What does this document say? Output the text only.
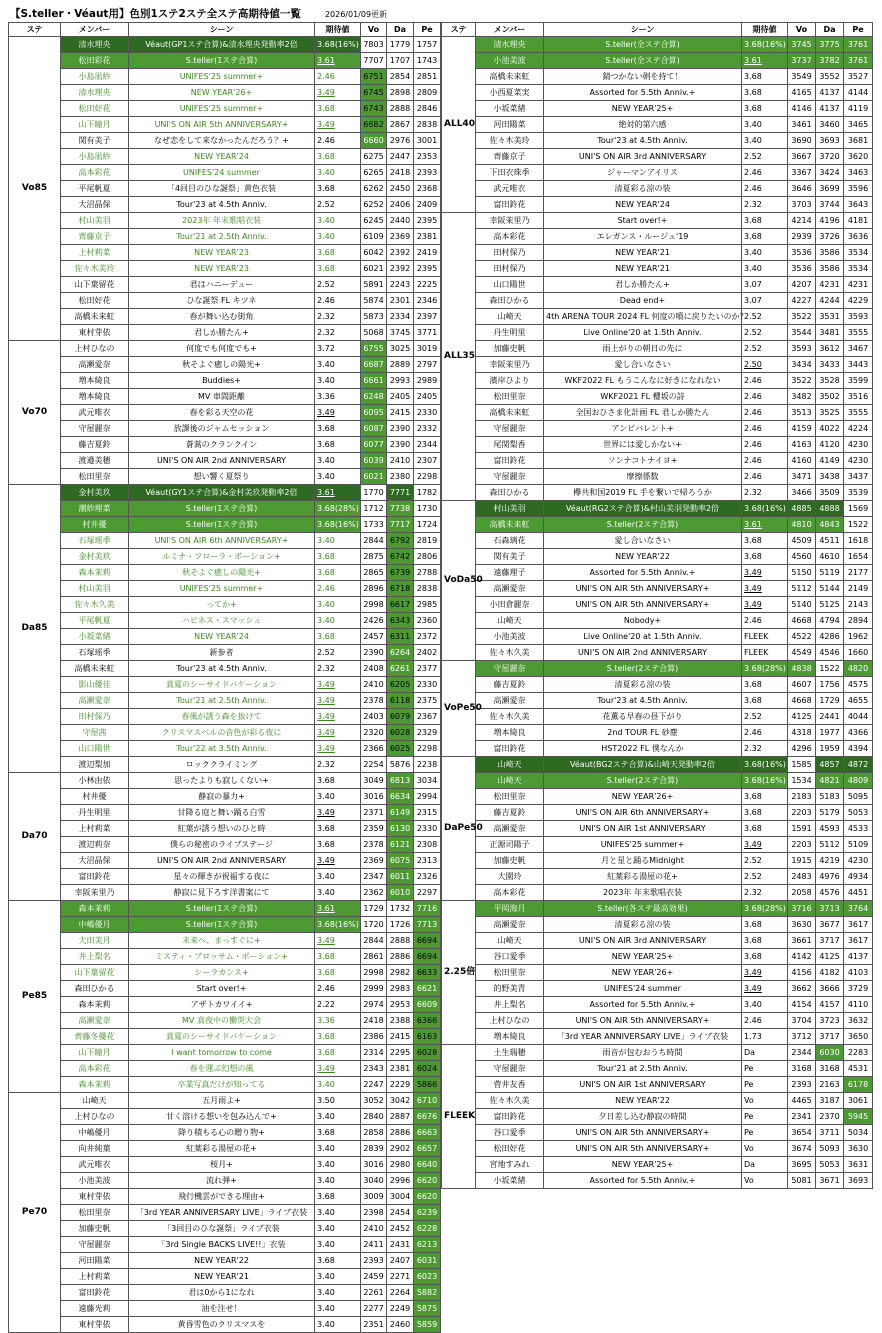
【S.teller・Véaut用】色別1ステ2ステ全ステ高期待値一覧	2026/01/09更新
ステ	メンバー	シーン	期待値	Vo	Da	Pe
Vo85	清水理央	Véaut(GP1ステ合算)&清水理央発動率2倍	3.68(16%)	7803	1779	1757
	松田彩花	S.teller(1ステ合算)	3.61	7707	1707	1743
	小島凪紗	UNIFES'25 summer+	2.46	6751	2854	2851
	清水理央	NEW YEAR'26+	3.49	6745	2898	2809
	松田好花	UNIFES'25 summer+	3.68	6743	2888	2846
	山下瞳月	UNI'S ON AIR 5th ANNIVERSARY+	3.49	6682	2867	2838
	関有美子	なぜ恋をして来なかったんだろう？+	2.46	6660	2976	3001
	小島凪紗	NEW YEAR'24	3.68	6275	2447	2353
	高本彩花	UNIFES'24 summer	3.40	6265	2418	2393
	平尾帆夏	「4回目のひな誕祭」黄色衣装	3.68	6262	2450	2368
	大沼晶保	Tour'23 at 4.5th Anniv.	2.52	6252	2406	2409
	村山美羽	2023年 年末歌唱衣装	3.40	6245	2440	2395
	齊藤京子	Tour'21 at 2.5th Anniv.	3.40	6109	2369	2381
	上村莉菜	NEW YEAR'23	3.68	6042	2392	2419
	佐々木美玲	NEW YEAR'23	3.68	6021	2392	2395
	山下葉留花	君はハニーデュー	2.52	5891	2243	2225
	松田好花	ひな誕祭 FL キツネ	2.46	5874	2301	2346
	高橋未来虹	春が舞い込む街角	2.32	5873	2334	2397
	東村芽依	君しか勝たん+	2.32	5068	3745	3771
Vo70	上村ひなの	何度でも何度でも+	3.72	6755	3025	3019
	高瀬愛奈	秋そよぐ癒しの陽光+	3.40	6687	2889	2797
	増本綺良	Buddies+	3.40	6661	2993	2989
	増本綺良	MV 車間距離	3.36	6248	2405	2405
	武元唯衣	春を彩る天空の花	3.49	6095	2415	2330
	守屋麗奈	放課後のジャムセッション	3.68	6087	2390	2332
	藤吉夏鈴	蒼蒿のクランクイン	3.68	6077	2390	2344
	渡邉美穂	UNI'S ON AIR 2nd ANNIVERSARY	3.40	6039	2410	2307
	松田里奈	想い響く夏祭り	3.40	6021	2380	2298
Da85	金村美玖	Véaut(GY1ステ合算)&金村美玖発動率2倍	3.61	1770	7771	1782
	潮紗理菜	S.teller(1ステ合算)	3.68(28%)	1712	7738	1730
	村井優	S.teller(1ステ合算)	3.68(16%)	1733	7717	1724
	石塚瑶季	UNI'S ON AIR 6th ANNIVERSARY+	3.40	2844	6792	2819
	金村美玖	ルミナ・フローラ・ポーション+	3.68	2875	6742	2806
	森本茉莉	秋そよぐ癒しの陽光+	3.68	2865	6739	2788
	村山美羽	UNIFES'25 summer+	2.46	2896	6718	2838
	佐々木久美	ってか+	3.40	2998	6617	2985
	平尾帆夏	ハピネス・スマッシュ	3.40	2426	6343	2360
	小坂菜緒	NEW YEAR'24	3.68	2457	6311	2372
	石塚瑶季	新参者	2.52	2390	6264	2402
	高橋未来虹	Tour'23 at 4.5th Anniv.	2.32	2408	6261	2377
	影山優佳	真夏のシーサイドバケーション	3.49	2410	6205	2330
	高瀬愛奈	Tour'21 at 2.5th Anniv.	3.49	2378	6118	2375
	田村保乃	春風が誘う森を抜けて	3.49	2403	6079	2367
	守屋茜	クリスマスベルの音色が彩る夜に	3.49	2320	6028	2329
	山口陽世	Tour'22 at 3.5th Anniv.	3.49	2366	6025	2298
	渡辺梨加	ロッククライミング	2.32	2254	5876	2238
Da70	小林由依	思ったよりも寂しくない+	3.68	3049	6813	3034
	村井優	静寂の暴力+	3.40	3016	6634	2994
	丹生明里	甘降る庭と舞い踊る白雪	3.49	2371	6149	2315
	上村莉菜	紅葉が誘う想いのひと時	3.68	2359	6130	2330
	渡辺莉奈	僕らの秘密のライブステージ	3.68	2378	6121	2308
	大沼晶保	UNI'S ON AIR 2nd ANNIVERSARY	3.49	2369	6075	2313
	富田鈴花	星々の輝きが祝福する夜に	3.40	2347	6011	2326
	幸阪茉里乃	静寂に見下ろす洋書案にて	3.40	2362	6010	2297
Pe85	森本茉莉	S.teller(1ステ合算)	3.61	1729	1732	7716
	中嶋優月	S.teller(1ステ合算)	3.68(16%)	1720	1726	7713
	大田美月	未来へ、まっすぐに+	3.49	2844	2888	6694
	井上梨名	ミスティ・ブロッサム・ポーション+	3.68	2861	2886	6694
	山下葉留花	シーラカンス+	3.68	2998	2982	6633
	森田ひかる	Start over!+	2.46	2999	2983	6621
	森本茉莉	アザトカワイイ+	2.22	2974	2953	6609
	高瀬愛奈	MV 真夜中の慟哭大会	3.36	2418	2388	6366
	齊藤冬優花	真夏のシーサイドバケーション	3.68	2386	2415	6163
	山下瞳月	I want tomorrow to come	3.68	2314	2295	6028
	高本彩花	春を運ぶ幻想の風	3.49	2343	2381	6024
	森本茉莉	卒業写真だけが知ってる	3.40	2247	2229	5866
Pe70	山崎天	五月雨よ+	3.50	3052	3042	6710
	上村ひなの	甘く溶ける想いを包み込んで+	3.40	2840	2887	6676
	中嶋優月	降り積もる心の贈り物+	3.68	2858	2886	6663
	向井純葉	紅葉彩る湯屋の花+	3.40	2839	2902	6657
	武元唯衣	桜月+	3.40	3016	2980	6640
	小池美波	流れ弾+	3.40	3040	2996	6620
	東村芽依	飛行機雲ができる理由+	3.68	3009	3004	6620
	松田里奈	「3rd YEAR ANNIVERSARY LIVE」ライブ衣装	3.40	2398	2454	6239
	加藤史帆	「3回目のひな誕祭」ライブ衣装	3.40	2410	2452	6228
	守屋麗奈	「3rd Single BACKS LIVE!!」衣装	3.40	2411	2431	6213
	河田陽菜	NEW YEAR'22	3.68	2393	2407	6031
	上村莉菜	NEW YEAR'21	3.40	2459	2271	6023
	富田鈴花	君は0から1になれ	3.40	2261	2264	5882
	遠藤光莉	油を注せ！	3.40	2277	2249	5875
	東村芽依	黄昏雪色のクリスマスを	3.40	2351	2460	5859
ステ	メンバー	シーン	期待値	Vo	Da	Pe
ALL40	清水理央	S.teller(全ステ合算)	3.68(16%)	3745	3775	3761
	小池美波	S.teller(全ステ合算)	3.61	3737	3782	3761
	高橋未来虹	錆つかない剣を持て！	3.68	3549	3552	3527
	小西夏菜実	Assorted for 5.5th Anniv.+	3.68	4165	4137	4144
	小坂菜緒	NEW YEAR'25+	3.68	4146	4137	4119
	河田陽菜	絶対的第六感	3.40	3461	3460	3465
	佐々木美玲	Tour'23 at 4.5th Anniv.	3.40	3690	3693	3681
	齊藤京子	UNI'S ON AIR 3rd ANNIVERSARY	2.52	3667	3720	3620
	下田衣珠季	ジャーマンアイリス	2.46	3367	3424	3463
	武元唯衣	清夏彩る涼の装	2.46	3646	3699	3596
	富田鈴花	NEW YEAR'24	2.32	3703	3744	3643
ALL35	幸阪茉里乃	Start over!+	3.68	4214	4196	4181
	高本彩花	エレガンス・ルージュ'19	3.68	2939	3726	3636
	田村保乃	NEW YEAR'21	3.40	3536	3586	3534
	田村保乃	NEW YEAR'21	3.40	3536	3586	3534
	山口陽世	君しか勝たん+	3.07	4207	4231	4231
	森田ひかる	Dead end+	3.07	4227	4244	4229
	山崎天	4th ARENA TOUR 2024 FL 何度の噴に戻りたいのか？	2.52	3522	3531	3593
	丹生明里	Live Online'20 at 1.5th Anniv.	2.52	3544	3481	3555
	加藤史帆	雨上がりの朝日の先に	2.52	3593	3612	3467
	幸阪茉里乃	愛し合いなさい	2.50	3434	3433	3443
	濱岸ひより	WKF2022 FL もうこんなに好きになれない	2.46	3522	3528	3599
	松田里奈	WKF2021 FL 櫻坂の詩	2.46	3482	3502	3516
	高橋未来虹	全国おひさま化計画 FL 君しか勝たん	2.46	3513	3525	3555
	守屋麗奈	アンビバレント+	2.46	4159	4022	4224
	尾関梨香	世界には愛しかない+	2.46	4163	4120	4230
	富田鈴花	ソンナコトナイヨ+	2.46	4160	4149	4230
	守屋麗奈	摩擦係数	2.46	3471	3438	3437
	森田ひかる	欅共和国2019 FL 手を繋いで帰ろうか	2.32	3466	3509	3539
VoDa50	村山美羽	Véaut(RG2ステ合算)&村山美羽発動率2倍	3.68(16%)	4885	4888	1569
	高橋未来虹	S.teller(2ステ合算)	3.61	4810	4843	1522
	石森璃花	愛し合いなさい	3.68	4509	4511	1618
	関有美子	NEW YEAR'22	3.68	4560	4610	1654
	遠藤理子	Assorted for 5.5th Anniv.+	3.49	5150	5119	2177
	高瀬愛奈	UNI'S ON AIR 5th ANNIVERSARY+	3.49	5112	5144	2149
	小田倉麗奈	UNI'S ON AIR 5th ANNIVERSARY+	3.49	5140	5125	2143
	山崎天	Nobody+	2.46	4668	4794	2894
	小池美波	Live Online'20 at 1.5th Anniv.	FLEEK	4522	4286	1962
	佐々木久美	UNI'S ON AIR 2nd ANNIVERSARY	FLEEK	4549	4546	1660
VoPe50	守屋麗奈	S.teller(2ステ合算)	3.68(28%)	4838	1522	4820
	藤吉夏鈴	清夏彩る涼の装	3.68	4607	1756	4575
	高瀬愛奈	Tour'23 at 4.5th Anniv.	3.68	4668	1729	4655
	佐々木久美	花薫る早春の昼下がり	2.52	4125	2441	4044
	増本綺良	2nd TOUR FL 砂塵	2.46	4318	1977	4366
	富田鈴花	HST2022 FL 僕なんか	2.32	4296	1959	4394
DaPe50	山崎天	Véaut(BG2ステ合算)&山崎天発動率2倍	3.68(16%)	1585	4857	4872
	山崎天	S.teller(2ステ合算)	3.68(16%)	1534	4821	4809
	松田里奈	NEW YEAR'26+	3.68	2183	5183	5095
	藤吉夏鈴	UNI'S ON AIR 6th ANNIVERSARY+	3.68	2203	5179	5053
	高瀬愛奈	UNI'S ON AIR 1st ANNIVERSARY	3.68	1591	4593	4533
	正源司陽子	UNIFES'25 summer+	3.49	2203	5112	5109
	加藤史帆	月と星と踊るMidnight	2.52	1915	4219	4230
	大園玲	紅葉彩る湯屋の花+	2.52	2483	4976	4934
	高本彩花	2023年 年末歌唱衣装	2.32	2058	4576	4451
2.25倍	平岡海月	S.teller(各ステ最高効果)	3.68(28%)	3716	3713	3764
	高瀬愛奈	清夏彩る涼の装	3.68	3630	3677	3617
	山崎天	UNI'S ON AIR 3rd ANNIVERSARY	3.68	3661	3717	3617
	谷口愛季	NEW YEAR'25+	3.68	4142	4125	4137
	松田里奈	NEW YEAR'26+	3.49	4156	4182	4103
	的野美青	UNIFES'24 summer	3.49	3662	3666	3729
	井上梨名	Assorted for 5.5th Anniv.+	3.40	4154	4157	4110
	上村ひなの	UNI'S ON AIR 5th ANNIVERSARY+	2.46	3704	3723	3632
	増本綺良	「3rd YEAR ANNIVERSARY LIVE」ライブ衣装	1.73	3712	3717	3650
FLEEK	土生瑞穂	雨音が包むおうち時間	Da	2344	6030	2283
	守屋麗奈	Tour'21 at 2.5th Anniv.	Pe	3168	3168	4531
	菅井友香	UNI'S ON AIR 1st ANNIVERSARY	Pe	2393	2163	6178
	佐々木久美	NEW YEAR'22	Vo	4465	3187	3061
	富田鈴花	夕日差し込む静寂の時間	Pe	2341	2370	5945
	谷口愛季	UNI'S ON AIR 5th ANNIVERSARY+	Pe	3654	3711	5034
	松田好花	UNI'S ON AIR 5th ANNIVERSARY+	Vo	3674	5093	3630
	宮地すみれ	NEW YEAR'25+	Da	3695	5053	3631
	小坂菜緒	Assorted for 5.5th Anniv.+	Vo	5081	3671	3693
